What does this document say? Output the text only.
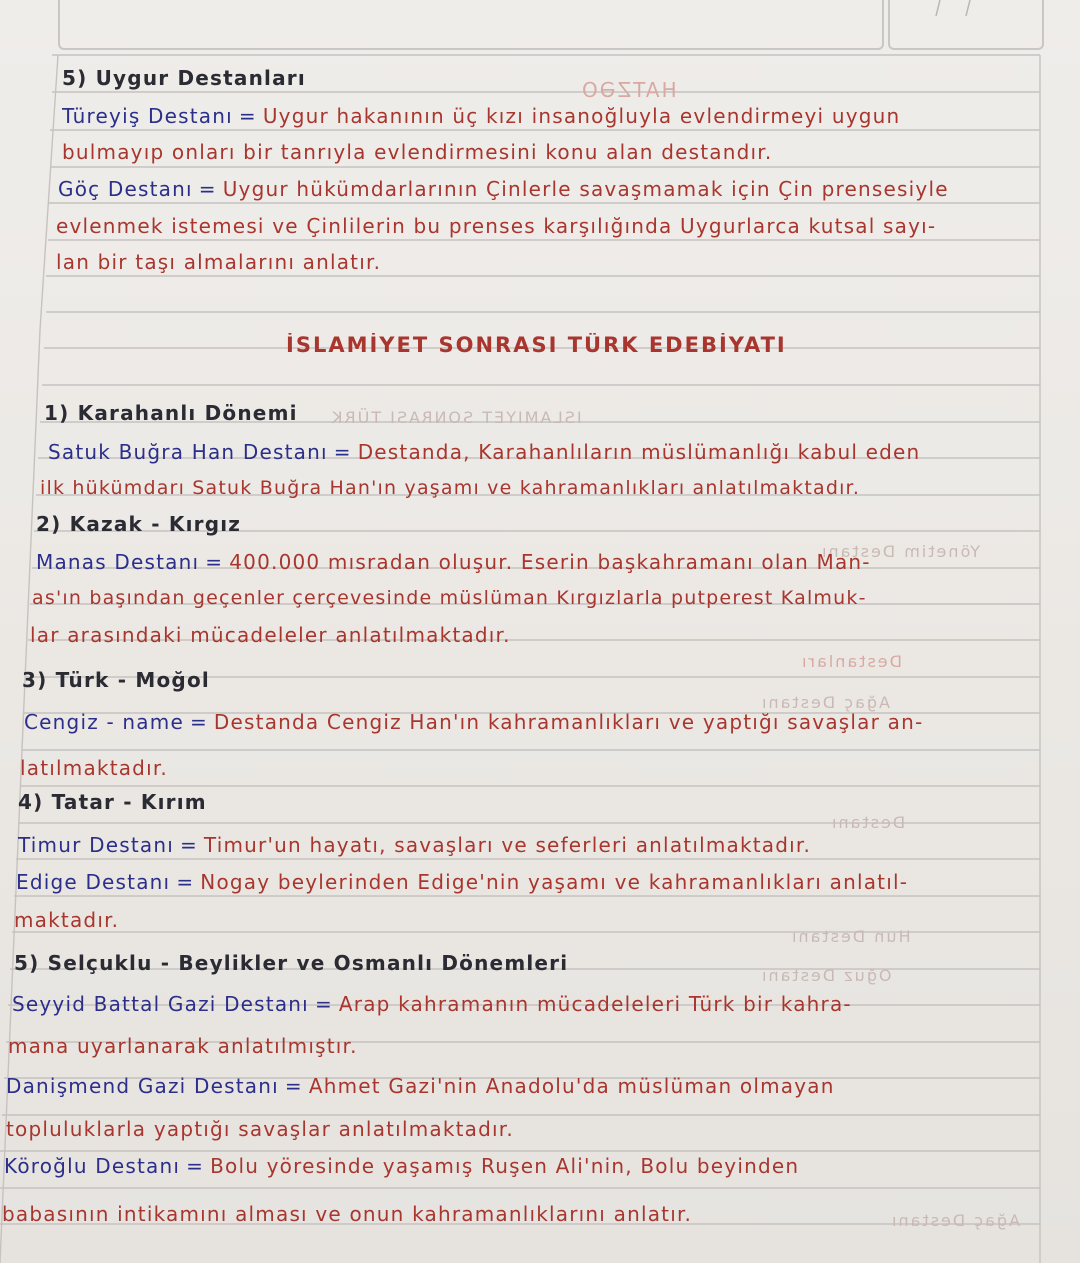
HATZƏO
ISLAMIYET SONRASI TÜRK
Yönetim Destanı
Destanları
Ağaç Destanı
Destanı
Hun Destanı
Oğuz Destanı
Ağaç Destanı
5) Uygur Destanları
Türeyiş Destanı = Uygur hakanının üç kızı insanoğluyla evlendirmeyi uygun
bulmayıp onları bir tanrıyla evlendirmesini konu alan destandır.
Göç Destanı = Uygur hükümdarlarının Çinlerle savaşmamak için Çin prensesiyle
evlenmek istemesi ve Çinlilerin bu prenses karşılığında Uygurlarca kutsal sayı-
lan bir taşı almalarını anlatır.
İSLAMİYET SONRASI TÜRK EDEBİYATI
1) Karahanlı Dönemi
Satuk Buğra Han Destanı = Destanda, Karahanlıların müslümanlığı kabul eden
ilk hükümdarı Satuk Buğra Han'ın yaşamı ve kahramanlıkları anlatılmaktadır.
2) Kazak - Kırgız
Manas Destanı = 400.000 mısradan oluşur. Eserin başkahramanı olan Man-
as'ın başından geçenler çerçevesinde müslüman Kırgızlarla putperest Kalmuk-
lar arasındaki mücadeleler anlatılmaktadır.
3) Türk - Moğol
Cengiz - name = Destanda Cengiz Han'ın kahramanlıkları ve yaptığı savaşlar an-
latılmaktadır.
4) Tatar - Kırım
Timur Destanı = Timur'un hayatı, savaşları ve seferleri anlatılmaktadır.
Edige Destanı = Nogay beylerinden Edige'nin yaşamı ve kahramanlıkları anlatıl-
maktadır.
5) Selçuklu - Beylikler ve Osmanlı Dönemleri
Seyyid Battal Gazi Destanı = Arap kahramanın mücadeleleri Türk bir kahra-
mana uyarlanarak anlatılmıştır.
Danişmend Gazi Destanı = Ahmet Gazi'nin Anadolu'da müslüman olmayan
topluluklarla yaptığı savaşlar anlatılmaktadır.
Köroğlu Destanı = Bolu yöresinde yaşamış Ruşen Ali'nin, Bolu beyinden
babasının intikamını alması ve onun kahramanlıklarını anlatır.
